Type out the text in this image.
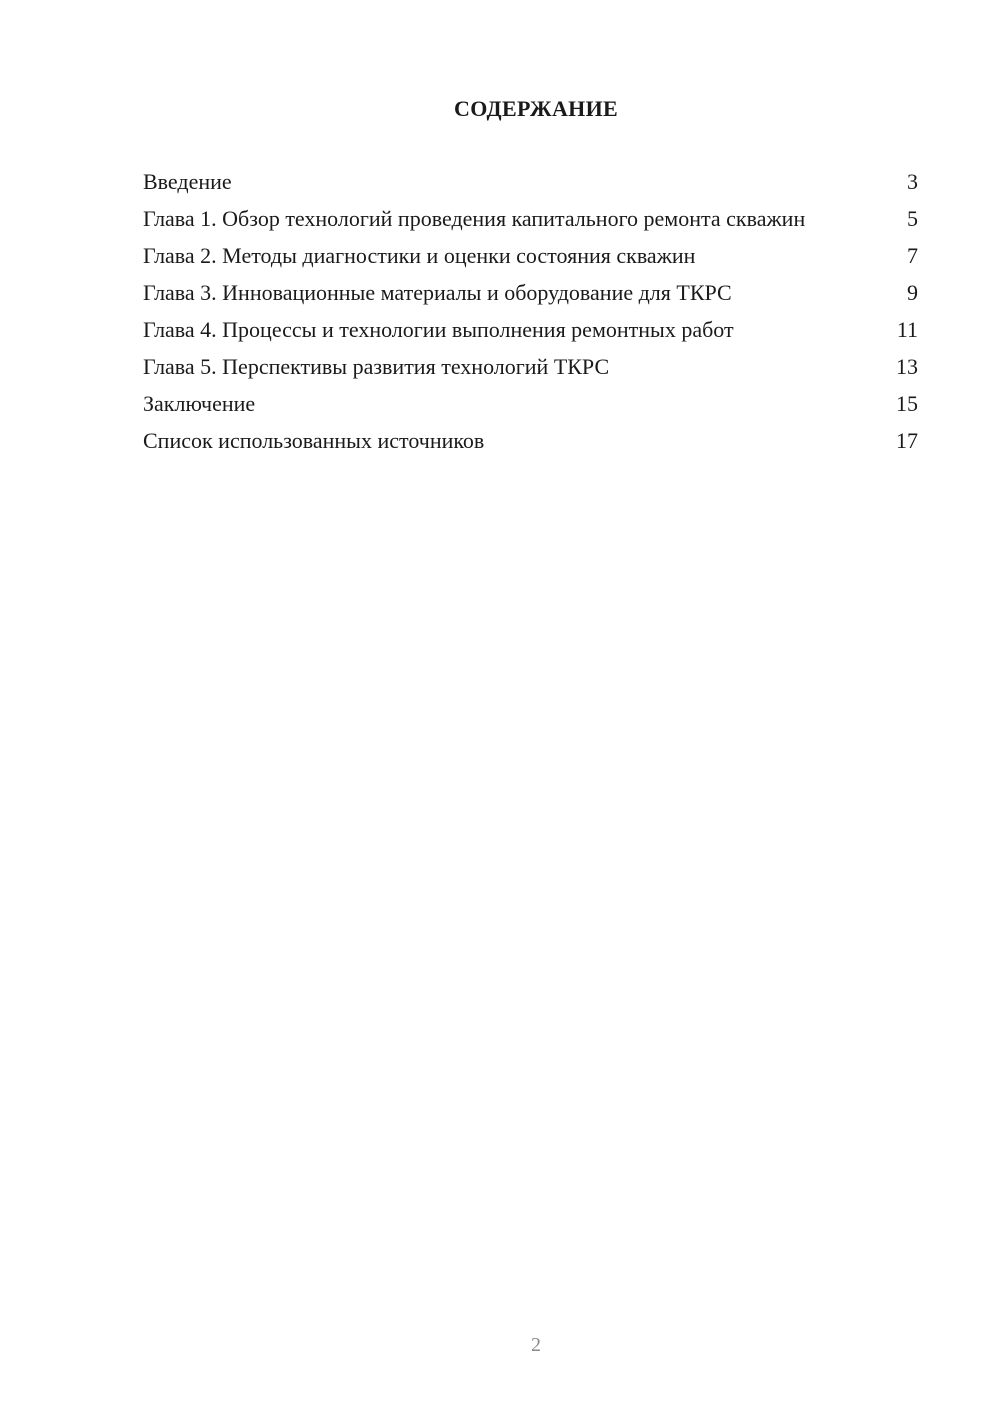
СОДЕРЖАНИЕ
Введение	3
Глава 1. Обзор технологий проведения капитального ремонта скважин	5
Глава 2. Методы диагностики и оценки состояния скважин	7
Глава 3. Инновационные материалы и оборудование для ТКРС	9
Глава 4. Процессы и технологии выполнения ремонтных работ	11
Глава 5. Перспективы развития технологий ТКРС	13
Заключение	15
Список использованных источников	17
2
